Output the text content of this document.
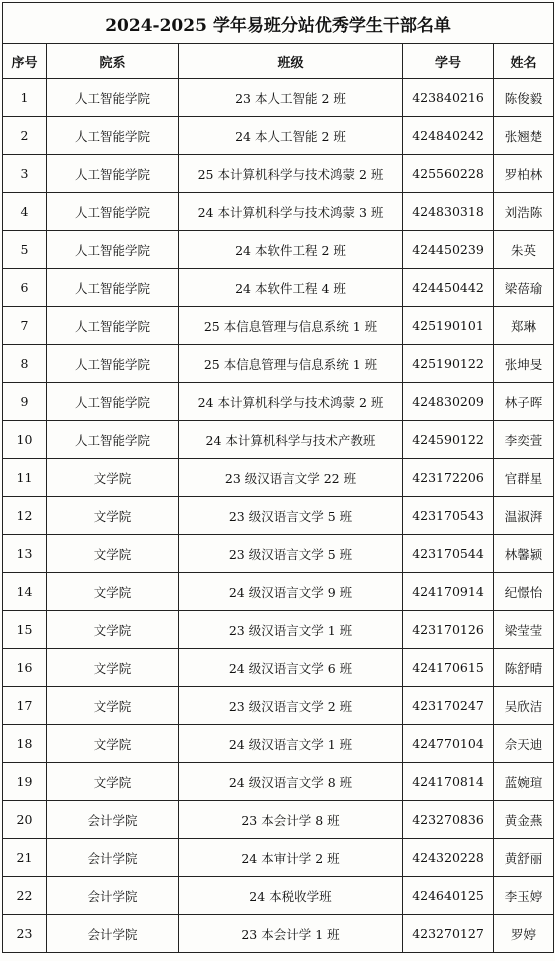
2024-2025 学年易班分站优秀学生干部名单				
序号	院系	班级	学号	姓名
1	人工智能学院	23 本人工智能 2 班	423840216	陈俊毅
2	人工智能学院	24 本人工智能 2 班	424840242	张翘楚
3	人工智能学院	25 本计算机科学与技术鸿蒙 2 班	425560228	罗柏林
4	人工智能学院	24 本计算机科学与技术鸿蒙 3 班	424830318	刘浩陈
5	人工智能学院	24 本软件工程 2 班	424450239	朱英
6	人工智能学院	24 本软件工程 4 班	424450442	梁蓓瑜
7	人工智能学院	25 本信息管理与信息系统 1 班	425190101	郑琳
8	人工智能学院	25 本信息管理与信息系统 1 班	425190122	张坤旻
9	人工智能学院	24 本计算机科学与技术鸿蒙 2 班	424830209	林子晖
10	人工智能学院	24 本计算机科学与技术产教班	424590122	李奕萱
11	文学院	23 级汉语言文学 22 班	423172206	官群星
12	文学院	23 级汉语言文学 5 班	423170543	温淑湃
13	文学院	23 级汉语言文学 5 班	423170544	林馨颍
14	文学院	24 级汉语言文学 9 班	424170914	纪憬怡
15	文学院	23 级汉语言文学 1 班	423170126	梁莹莹
16	文学院	24 级汉语言文学 6 班	424170615	陈舒晴
17	文学院	23 级汉语言文学 2 班	423170247	吴欣洁
18	文学院	24 级汉语言文学 1 班	424770104	佘天迪
19	文学院	24 级汉语言文学 8 班	424170814	蓝婉瑄
20	会计学院	23 本会计学 8 班	423270836	黄金燕
21	会计学院	24 本审计学 2 班	424320228	黄舒丽
22	会计学院	24 本税收学班	424640125	李玉婷
23	会计学院	23 本会计学 1 班	423270127	罗婷
